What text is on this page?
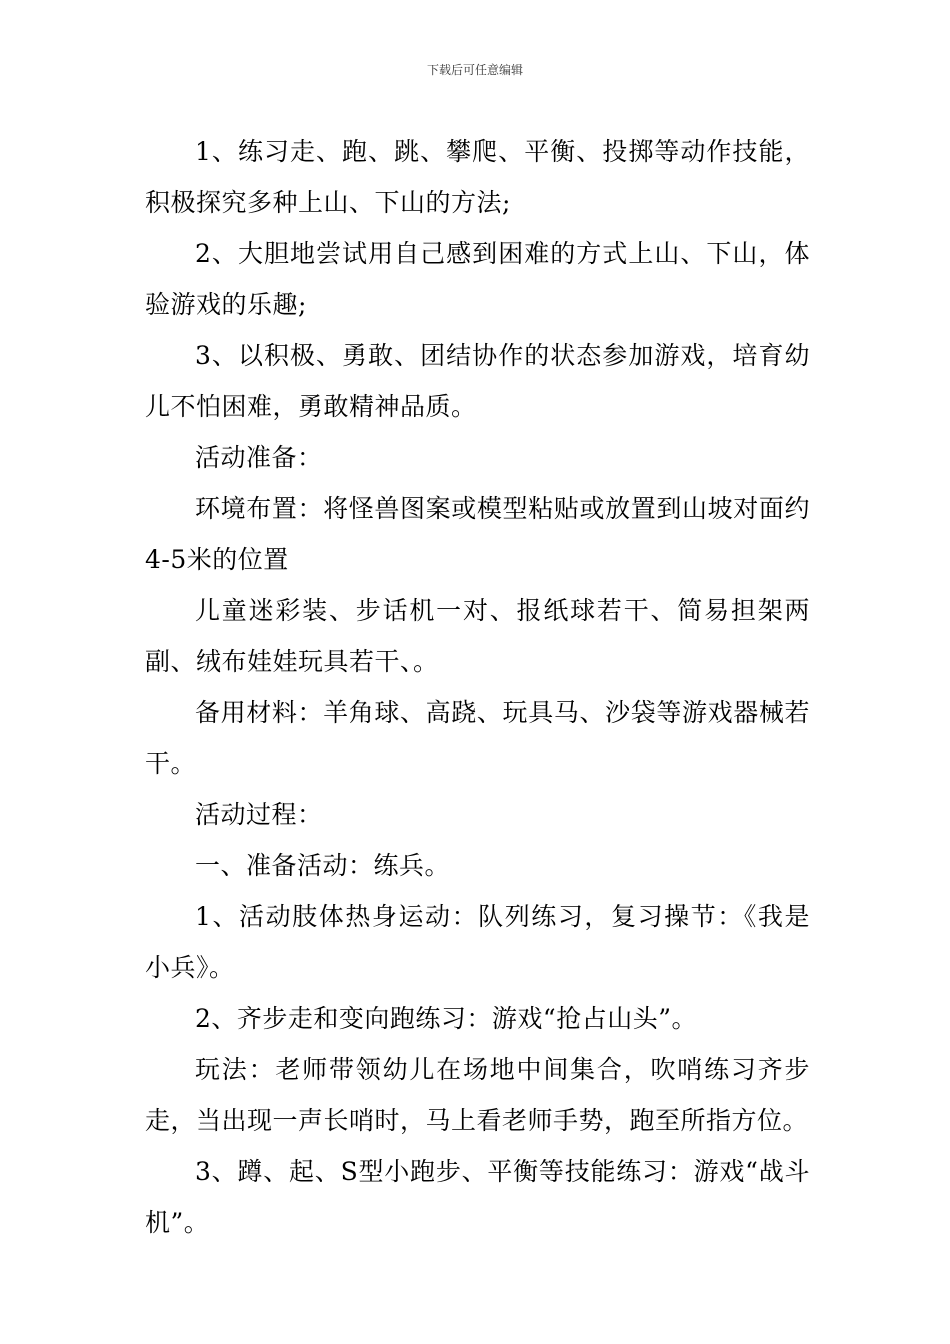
下载后可任意编辑

1、练习走、跑、跳、攀爬、平衡、投掷等动作技能，积极探究多种上山、下山的方法;

2、大胆地尝试用自己感到困难的方式上山、下山，体验游戏的乐趣;

3、以积极、勇敢、团结协作的状态参加游戏，培育幼儿不怕困难，勇敢精神品质。

活动准备：

环境布置：将怪兽图案或模型粘贴或放置到山坡对面约4-5米的位置

儿童迷彩装、步话机一对、报纸球若干、简易担架两副、绒布娃娃玩具若干、。

备用材料：羊角球、高跷、玩具马、沙袋等游戏器械若干。

活动过程：

一、准备活动：练兵。

1、活动肢体热身运动：队列练习，复习操节：《我是小兵》。

2、齐步走和变向跑练习：游戏“抢占山头”。

玩法：老师带领幼儿在场地中间集合，吹哨练习齐步走，当出现一声长哨时，马上看老师手势，跑至所指方位。

3、蹲、起、S型小跑步、平衡等技能练习：游戏“战斗机”。
